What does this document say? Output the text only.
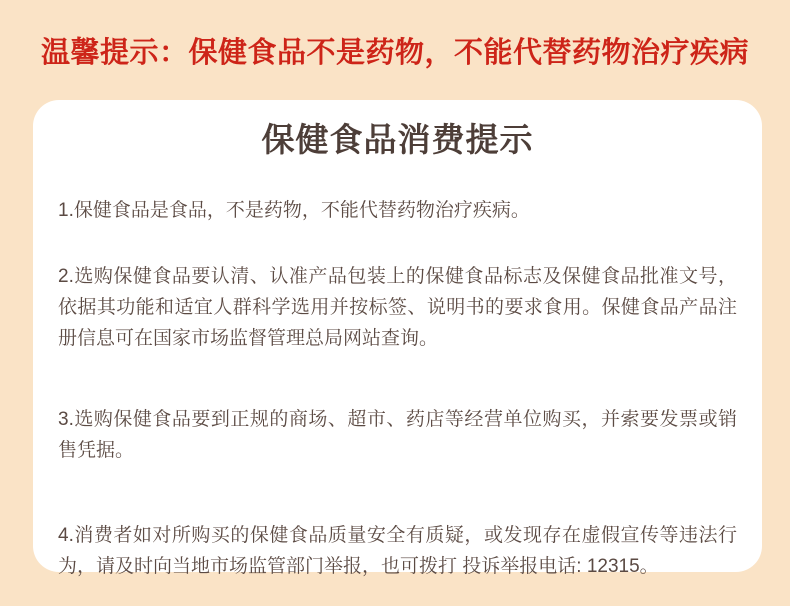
温馨提示：保健食品不是药物，不能代替药物治疗疾病
保健食品消费提示

1.保健食品是食品，不是药物，不能代替药物治疗疾病。

2.选购保健食品要认清、认准产品包装上的保健食品标志及保健食品批准文号，依据其功能和适宜人群科学选用并按标签、说明书的要求食用。保健食品产品注册信息可在国家市场监督管理总局网站查询。

3.选购保健食品要到正规的商场、超市、药店等经营单位购买，并索要发票或销售凭据。

4.消费者如对所购买的保健食品质量安全有质疑，或发现存在虚假宣传等违法行为，请及时向当地市场监管部门举报，也可拨打 投诉举报电话: 12315。
